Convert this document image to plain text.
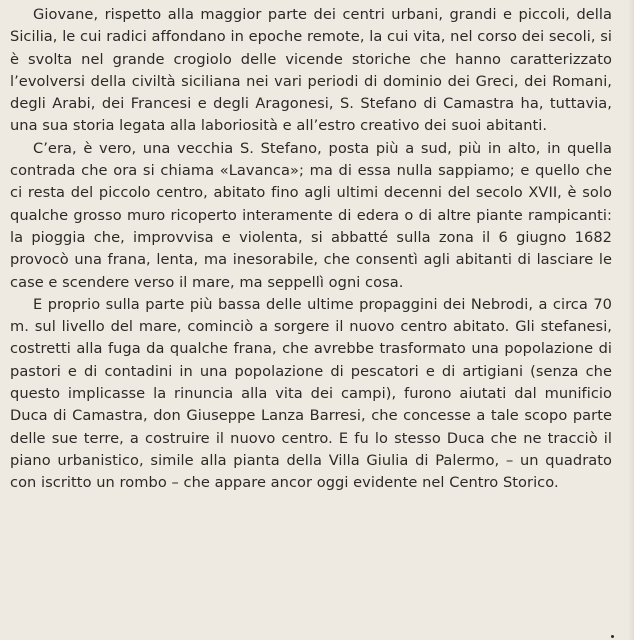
Giovane, rispetto alla maggior parte dei centri urbani, grandi e piccoli, della Sicilia, le cui radici affondano in epoche remote, la cui vita, nel corso dei secoli, si è svolta nel grande crogiolo delle vicende storiche che hanno caratterizzato l’evolversi della civiltà siciliana nei vari periodi di dominio dei Greci, dei Romani, degli Arabi, dei Francesi e degli Aragonesi, S. Stefano di Camastra ha, tuttavia, una sua storia legata alla laboriosità e all’estro creativo dei suoi abitanti.

C’era, è vero, una vecchia S. Stefano, posta più a sud, più in alto, in quella contrada che ora si chiama «Lavanca»; ma di essa nulla sappiamo; e quello che ci resta del piccolo centro, abitato fino agli ultimi decenni del secolo XVII, è solo qualche grosso muro ricoperto interamente di edera o di altre piante rampicanti: la pioggia che, improvvisa e violenta, si abbatté sulla zona il 6 giugno 1682 provocò una frana, lenta, ma inesorabile, che consentì agli abitanti di lasciare le case e scendere verso il mare, ma seppellì ogni cosa.

E proprio sulla parte più bassa delle ultime propaggini dei Nebrodi, a circa 70 m. sul livello del mare, cominciò a sorgere il nuovo centro abitato. Gli stefanesi, costretti alla fuga da qualche frana, che avrebbe trasformato una popolazione di pastori e di contadini in una popolazione di pescatori e di artigiani (senza che questo implicasse la rinuncia alla vita dei campi), furono aiutati dal munificio Duca di Camastra, don Giuseppe Lanza Barresi, che concesse a tale scopo parte delle sue terre, a costruire il nuovo centro. E fu lo stesso Duca che ne tracciò il piano urbanistico, simile alla pianta della Villa Giulia di Palermo, – un quadrato con iscritto un rombo – che appare ancor oggi evidente nel Centro Storico.
